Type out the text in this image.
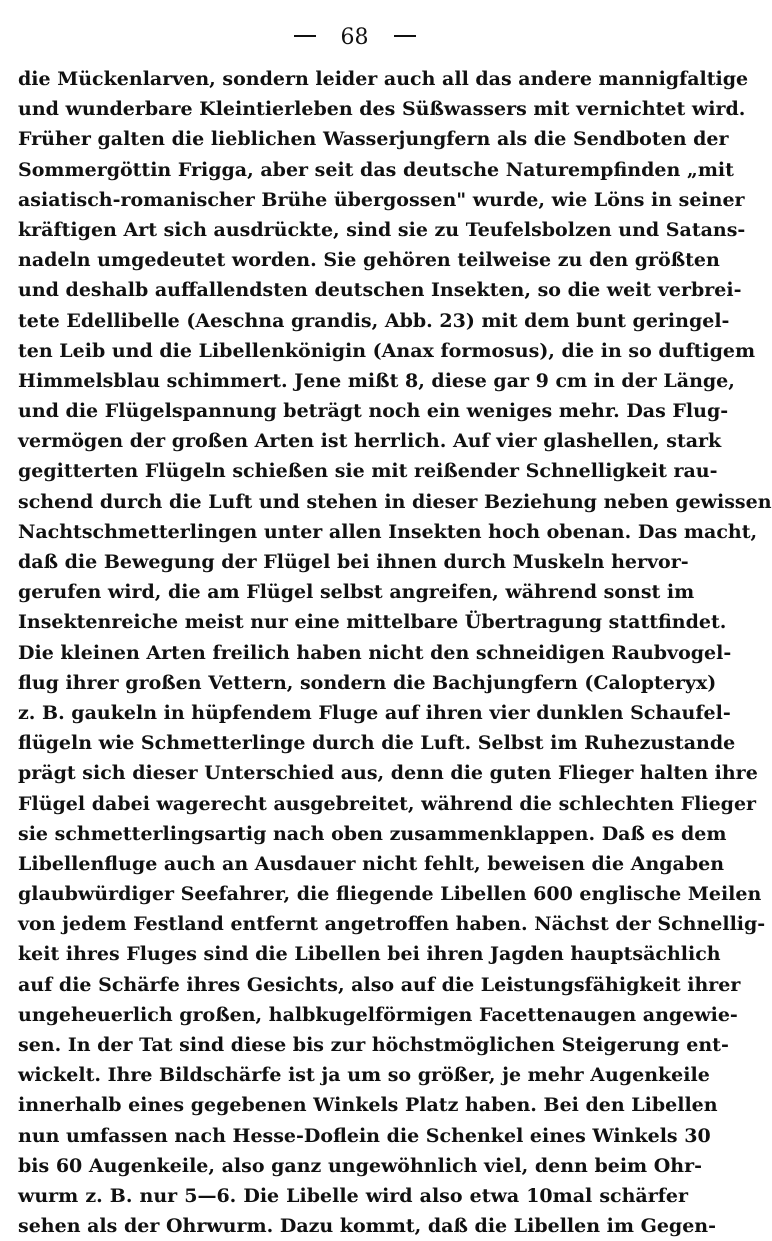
68
die Mückenlarven, sondern leider auch all das andere mannigfaltige
und wunderbare Kleintierleben des Süßwassers mit vernichtet wird.
Früher galten die lieblichen Wasserjungfern als die Sendboten der
Sommergöttin Frigga, aber seit das deutsche Naturempfinden „mit
asiatisch-romanischer Brühe übergossen" wurde, wie Löns in seiner
kräftigen Art sich ausdrückte, sind sie zu Teufelsbolzen und Satans-
nadeln umgedeutet worden. Sie gehören teilweise zu den größten
und deshalb auffallendsten deutschen Insekten, so die weit verbrei-
tete Edellibelle (Aeschna grandis, Abb. 23) mit dem bunt geringel-
ten Leib und die Libellenkönigin (Anax formosus), die in so duftigem
Himmelsblau schimmert. Jene mißt 8, diese gar 9 cm in der Länge,
und die Flügelspannung beträgt noch ein weniges mehr. Das Flug-
vermögen der großen Arten ist herrlich. Auf vier glashellen, stark
gegitterten Flügeln schießen sie mit reißender Schnelligkeit rau-
schend durch die Luft und stehen in dieser Beziehung neben gewissen
Nachtschmetterlingen unter allen Insekten hoch obenan. Das macht,
daß die Bewegung der Flügel bei ihnen durch Muskeln hervor-
gerufen wird, die am Flügel selbst angreifen, während sonst im
Insektenreiche meist nur eine mittelbare Übertragung stattfindet.
Die kleinen Arten freilich haben nicht den schneidigen Raubvogel-
flug ihrer großen Vettern, sondern die Bachjungfern (Calopteryx)
z. B. gaukeln in hüpfendem Fluge auf ihren vier dunklen Schaufel-
flügeln wie Schmetterlinge durch die Luft. Selbst im Ruhezustande
prägt sich dieser Unterschied aus, denn die guten Flieger halten ihre
Flügel dabei wagerecht ausgebreitet, während die schlechten Flieger
sie schmetterlingsartig nach oben zusammenklappen. Daß es dem
Libellenfluge auch an Ausdauer nicht fehlt, beweisen die Angaben
glaubwürdiger Seefahrer, die fliegende Libellen 600 englische Meilen
von jedem Festland entfernt angetroffen haben. Nächst der Schnellig-
keit ihres Fluges sind die Libellen bei ihren Jagden hauptsächlich
auf die Schärfe ihres Gesichts, also auf die Leistungsfähigkeit ihrer
ungeheuerlich großen, halbkugelförmigen Facettenaugen angewie-
sen. In der Tat sind diese bis zur höchstmöglichen Steigerung ent-
wickelt. Ihre Bildschärfe ist ja um so größer, je mehr Augenkeile
innerhalb eines gegebenen Winkels Platz haben. Bei den Libellen
nun umfassen nach Hesse-Doflein die Schenkel eines Winkels 30
bis 60 Augenkeile, also ganz ungewöhnlich viel, denn beim Ohr-
wurm z. B. nur 5—6. Die Libelle wird also etwa 10mal schärfer
sehen als der Ohrwurm. Dazu kommt, daß die Libellen im Gegen-
